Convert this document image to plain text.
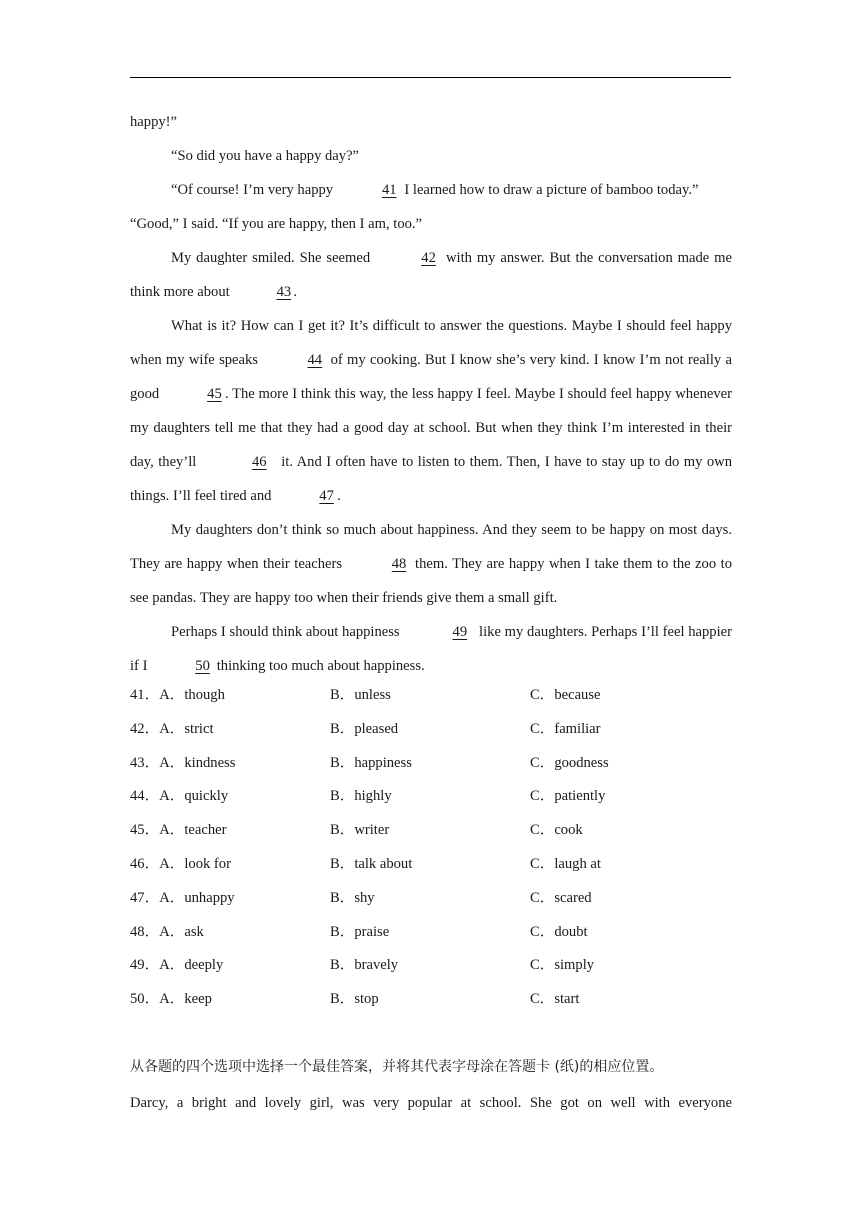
happy!”

“So did you have a happy day?”

“Of course! I’m very happy	41 I learned how to draw a picture of bamboo today.”

“Good,” I said. “If you are happy, then I am, too.”

My daughter smiled. She seemed	42 with my answer. But the conversation made me think more about	43 .

What is it? How can I get it? It’s difficult to answer the questions. Maybe I should feel happy when my wife speaks	44 of my cooking. But I know she’s very kind. I know I’m not really a good	45 . The more I think this way, the less happy I feel. Maybe I should feel happy whenever my daughters tell me that they had a good day at school. But when they think I’m interested in their day, they’ll	46 it. And I often have to listen to them. Then, I have to stay up to do my own things. I’ll feel tired and	47 .

My daughters don’t think so much about happiness. And they seem to be happy on most days. They are happy when their teachers	48 them. They are happy when I take them to the zoo to see pandas. They are happy too when their friends give them a small gift.

Perhaps I should think about happiness	49 like my daughters. Perhaps I’ll feel happier if I	50 thinking too much about happiness.

41．A．though	B．unless	C．because
42．A．strict	B．pleased	C．familiar
43．A．kindness	B．happiness	C．goodness
44．A．quickly	B．highly	C．patiently
45．A．teacher	B．writer	C．cook
46．A．look for	B．talk about	C．laugh at
47．A．unhappy	B．shy	C．scared
48．A．ask	B．praise	C．doubt
49．A．deeply	B．bravely	C．simply
50．A．keep	B．stop	C．start
从各题的四个选项中选择一个最佳答案，并将其代表字母涂在答题卡 (纸)的相应位置。
Darcy, a bright and lovely girl, was very popular at school. She got on well with everyone
